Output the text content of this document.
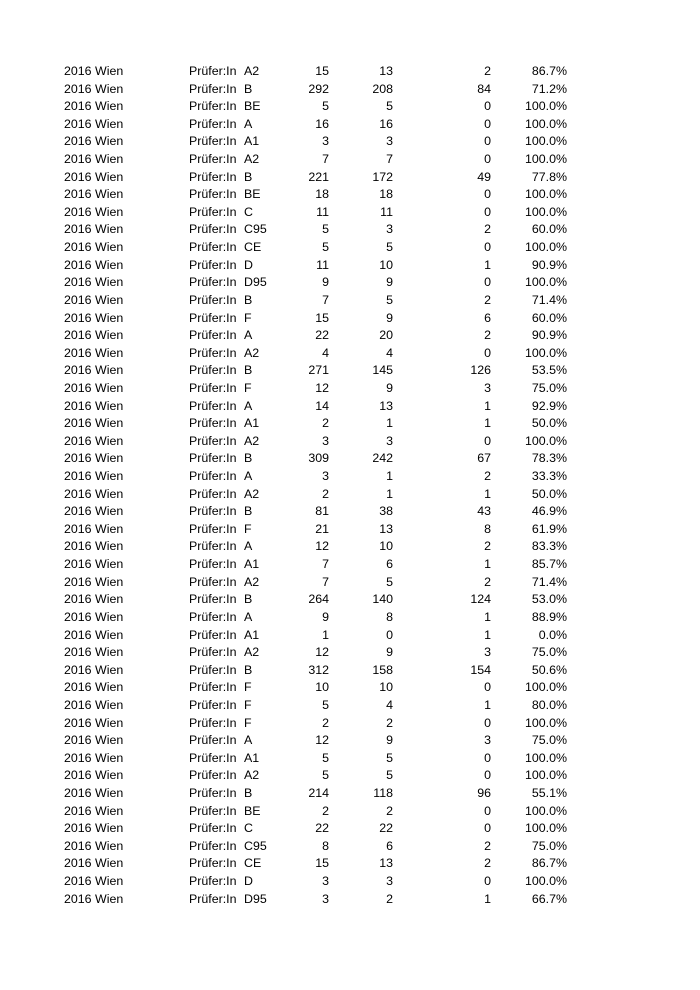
2016 Wien	Prüfer:In A2	15	13	2	86.7%
2016 Wien	Prüfer:In B	292	208	84	71.2%
2016 Wien	Prüfer:In BE	5	5	0	100.0%
2016 Wien	Prüfer:In A	16	16	0	100.0%
2016 Wien	Prüfer:In A1	3	3	0	100.0%
2016 Wien	Prüfer:In A2	7	7	0	100.0%
2016 Wien	Prüfer:In B	221	172	49	77.8%
2016 Wien	Prüfer:In BE	18	18	0	100.0%
2016 Wien	Prüfer:In C	11	11	0	100.0%
2016 Wien	Prüfer:In C95	5	3	2	60.0%
2016 Wien	Prüfer:In CE	5	5	0	100.0%
2016 Wien	Prüfer:In D	11	10	1	90.9%
2016 Wien	Prüfer:In D95	9	9	0	100.0%
2016 Wien	Prüfer:In B	7	5	2	71.4%
2016 Wien	Prüfer:In F	15	9	6	60.0%
2016 Wien	Prüfer:In A	22	20	2	90.9%
2016 Wien	Prüfer:In A2	4	4	0	100.0%
2016 Wien	Prüfer:In B	271	145	126	53.5%
2016 Wien	Prüfer:In F	12	9	3	75.0%
2016 Wien	Prüfer:In A	14	13	1	92.9%
2016 Wien	Prüfer:In A1	2	1	1	50.0%
2016 Wien	Prüfer:In A2	3	3	0	100.0%
2016 Wien	Prüfer:In B	309	242	67	78.3%
2016 Wien	Prüfer:In A	3	1	2	33.3%
2016 Wien	Prüfer:In A2	2	1	1	50.0%
2016 Wien	Prüfer:In B	81	38	43	46.9%
2016 Wien	Prüfer:In F	21	13	8	61.9%
2016 Wien	Prüfer:In A	12	10	2	83.3%
2016 Wien	Prüfer:In A1	7	6	1	85.7%
2016 Wien	Prüfer:In A2	7	5	2	71.4%
2016 Wien	Prüfer:In B	264	140	124	53.0%
2016 Wien	Prüfer:In A	9	8	1	88.9%
2016 Wien	Prüfer:In A1	1	0	1	0.0%
2016 Wien	Prüfer:In A2	12	9	3	75.0%
2016 Wien	Prüfer:In B	312	158	154	50.6%
2016 Wien	Prüfer:In F	10	10	0	100.0%
2016 Wien	Prüfer:In F	5	4	1	80.0%
2016 Wien	Prüfer:In F	2	2	0	100.0%
2016 Wien	Prüfer:In A	12	9	3	75.0%
2016 Wien	Prüfer:In A1	5	5	0	100.0%
2016 Wien	Prüfer:In A2	5	5	0	100.0%
2016 Wien	Prüfer:In B	214	118	96	55.1%
2016 Wien	Prüfer:In BE	2	2	0	100.0%
2016 Wien	Prüfer:In C	22	22	0	100.0%
2016 Wien	Prüfer:In C95	8	6	2	75.0%
2016 Wien	Prüfer:In CE	15	13	2	86.7%
2016 Wien	Prüfer:In D	3	3	0	100.0%
2016 Wien	Prüfer:In D95	3	2	1	66.7%
